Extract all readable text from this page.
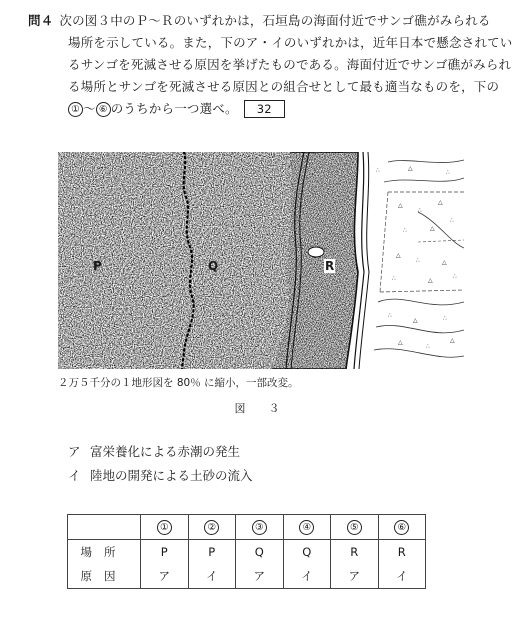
問４ 次の図３中のＰ～Ｒのいずれかは，石垣島の海面付近でサンゴ礁がみられる
場所を示している。また，下のア・イのいずれかは，近年日本で懸念されてい
るサンゴを死滅させる原因を挙げたものである。海面付近でサンゴ礁がみられ
る場所とサンゴを死滅させる原因との組合せとして最も適当なものを，下の
① ～ ⑥ のうちから一つ選べ。 32
△
∴
△
∴	△
∴
△
∴	△
∴	△
∴
∴
△	∴
△
∴
△
∴	△
∴
P	Q	R
２万５千分の１地形図を 80％ に縮小，一部改変。
図　３
ア 富栄養化による赤潮の発生
イ 陸地の開発による土砂の流入
	①	②	③	④	⑤	⑥
場所	P	P	Q	Q	R	R
原因	ア	イ	ア	イ	ア	イ
